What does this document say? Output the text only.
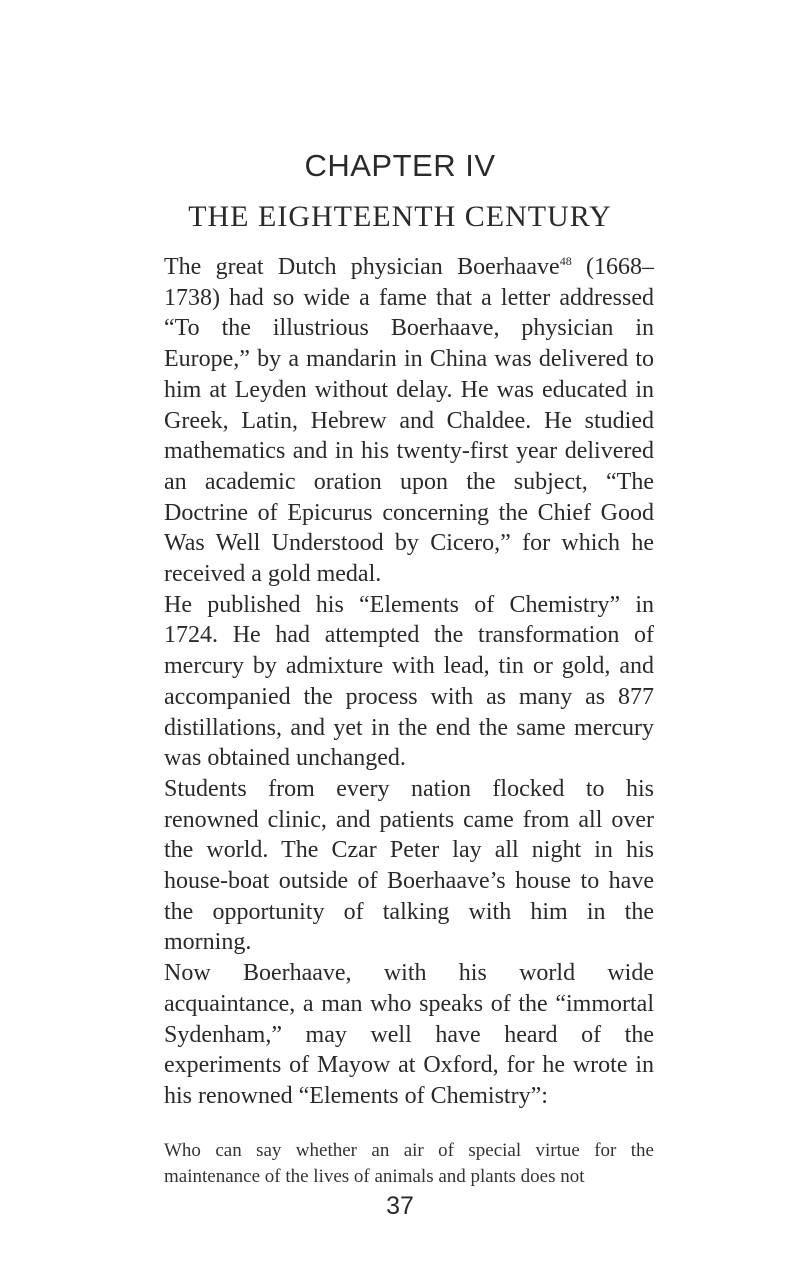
CHAPTER IV
THE EIGHTEENTH CENTURY

The great Dutch physician Boerhaave$^{48}$ (1668–1738) had so wide a fame that a letter addressed “To the illustrious Boerhaave, physician in Europe,” by a mandarin in China was delivered to him at Leyden without delay. He was educated in Greek, Latin, Hebrew and Chaldee. He studied mathematics and in his twenty-first year delivered an academic oration upon the subject, “The Doctrine of Epicurus concerning the Chief Good Was Well Understood by Cicero,” for which he received a gold medal.

He published his “Elements of Chemistry” in 1724. He had attempted the transformation of mercury by admixture with lead, tin or gold, and accompanied the process with as many as 877 distillations, and yet in the end the same mercury was obtained unchanged.

Students from every nation flocked to his renowned clinic, and patients came from all over the world. The Czar Peter lay all night in his house-boat outside of Boerhaave’s house to have the opportunity of talking with him in the morning.

Now Boerhaave, with his world wide acquaintance, a man who speaks of the “immortal Sydenham,” may well have heard of the experiments of Mayow at Oxford, for he wrote in his renowned “Elements of Chemistry”:

Who can say whether an air of special virtue for the maintenance of the lives of animals and plants does not

37
